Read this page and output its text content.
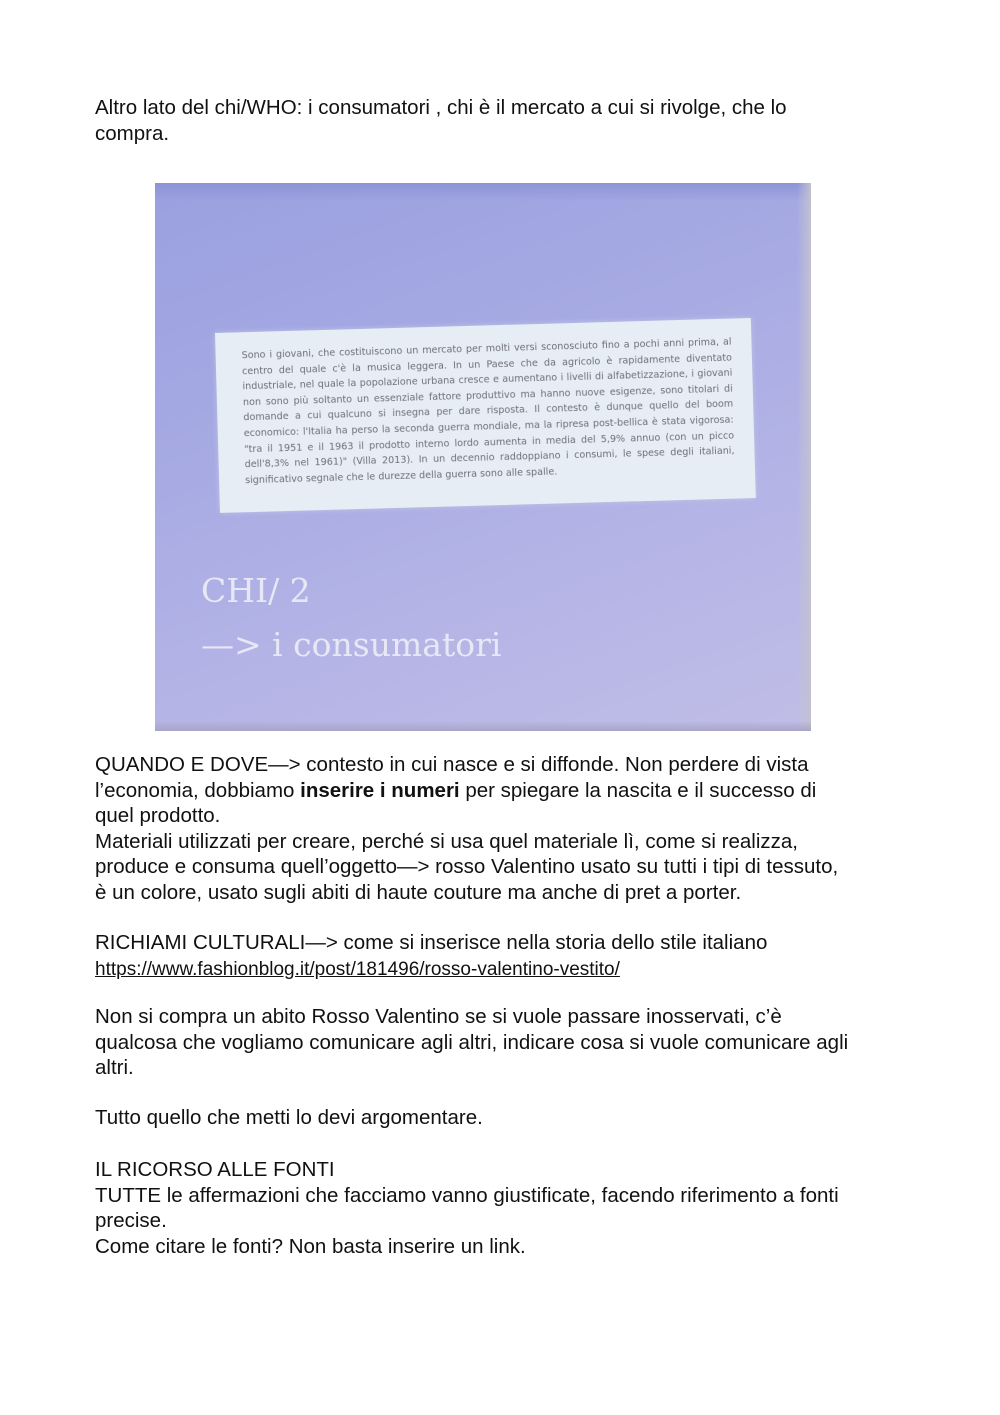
Altro lato del chi/WHO: i consumatori , chi è il mercato a cui si rivolge, che lo
compra.

Sono i giovani, che costituiscono un mercato per molti versi sconosciuto fino a pochi anni prima, al centro del quale c'è la musica leggera. In un Paese che da agricolo è rapidamente diventato industriale, nel quale la popolazione urbana cresce e aumentano i livelli di alfabetizzazione, i giovani non sono più soltanto un essenziale fattore produttivo ma hanno nuove esigenze, sono titolari di domande a cui qualcuno si insegna per dare risposta. Il contesto è dunque quello del boom economico: l'Italia ha perso la seconda guerra mondiale, ma la ripresa post-bellica è stata vigorosa: "tra il 1951 e il 1963 il prodotto interno lordo aumenta in media del 5,9% annuo (con un picco dell'8,3% nel 1961)" (Villa 2013). In un decennio raddoppiano i consumi, le spese degli italiani, significativo segnale che le durezze della guerra sono alle spalle.
CHI/ 2
—> i consumatori

QUANDO E DOVE—> contesto in cui nasce e si diffonde. Non perdere di vista
l’economia, dobbiamo inserire i numeri per spiegare la nascita e il successo di
quel prodotto.
Materiali utilizzati per creare, perché si usa quel materiale lì, come si realizza,
produce e consuma quell’oggetto—> rosso Valentino usato su tutti i tipi di tessuto,
è un colore, usato sugli abiti di haute couture ma anche di pret a porter.

RICHIAMI CULTURALI—> come si inserisce nella storia dello stile italiano
https://www.fashionblog.it/post/181496/rosso-valentino-vestito/

Non si compra un abito Rosso Valentino se si vuole passare inosservati, c’è
qualcosa che vogliamo comunicare agli altri, indicare cosa si vuole comunicare agli
altri.

Tutto quello che metti lo devi argomentare.

IL RICORSO ALLE FONTI
TUTTE le affermazioni che facciamo vanno giustificate, facendo riferimento a fonti
precise.
Come citare le fonti? Non basta inserire un link.
